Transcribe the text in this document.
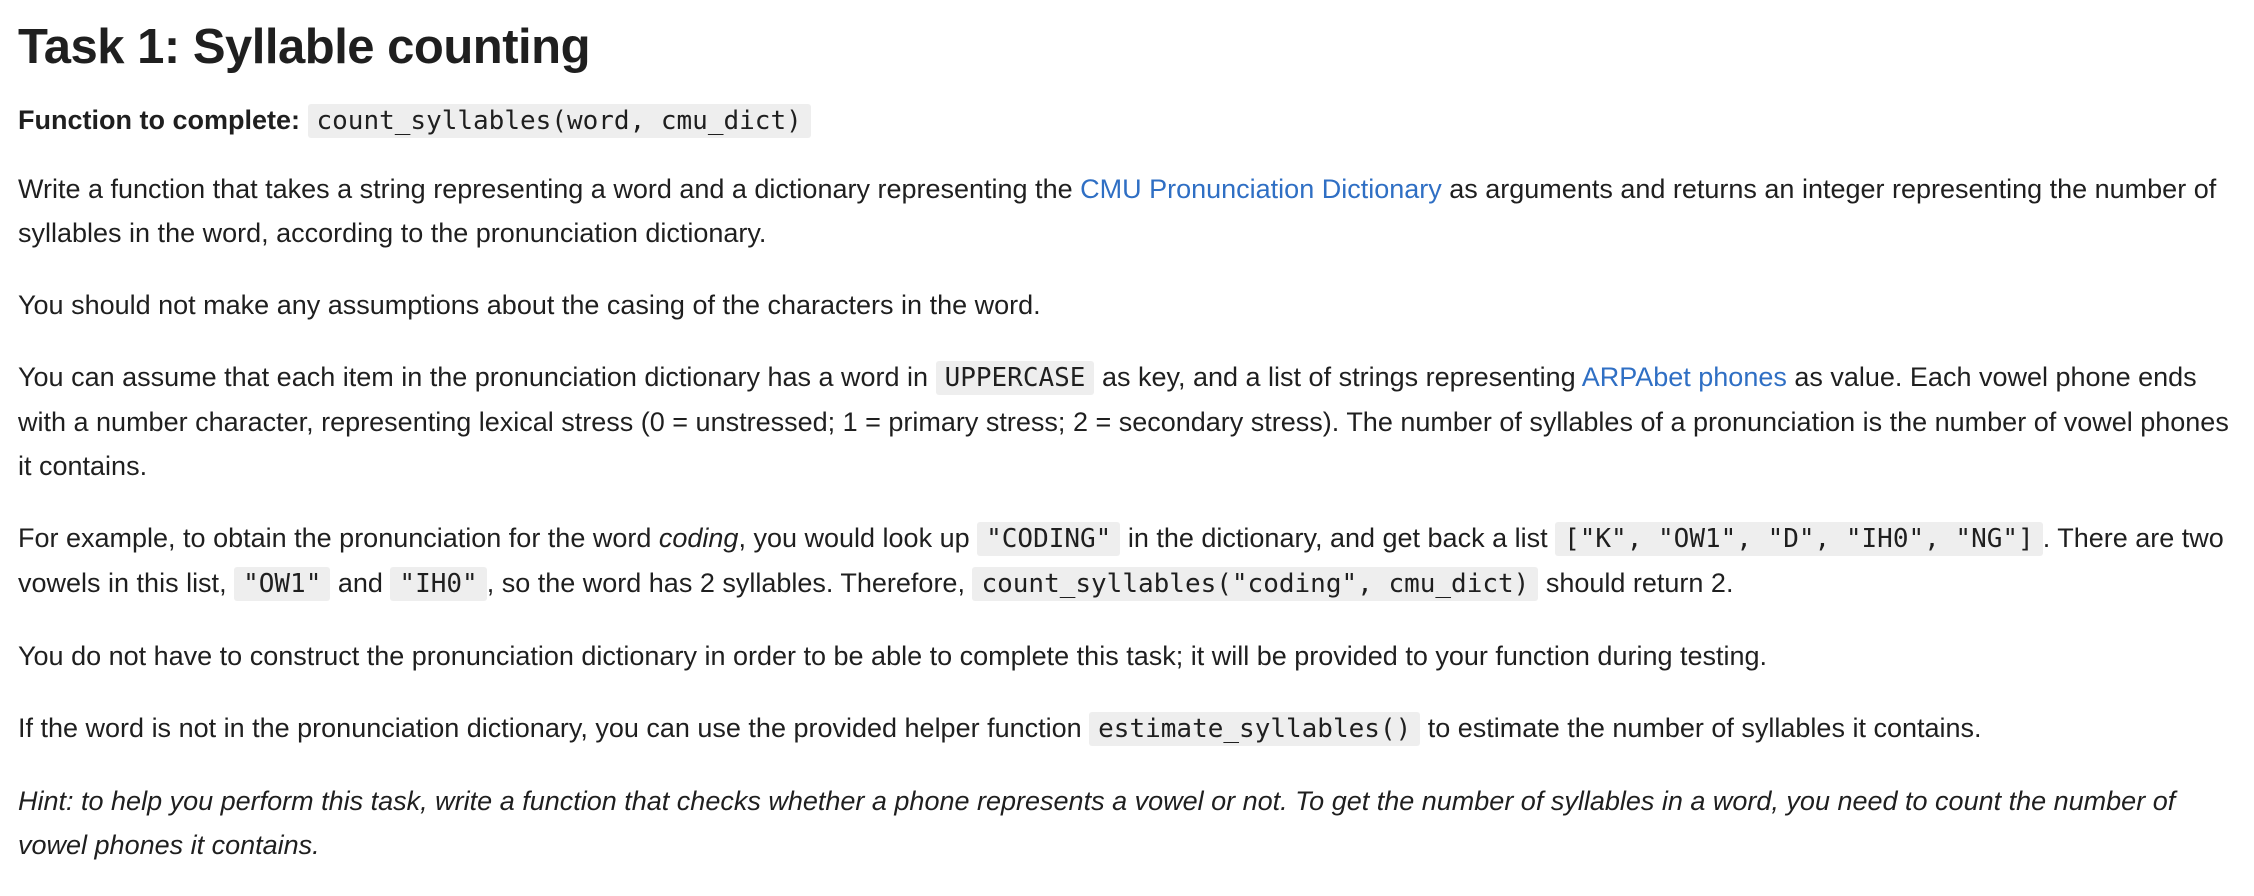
Task 1: Syllable counting

Function to complete: count_syllables(word, cmu_dict)

Write a function that takes a string representing a word and a dictionary representing the CMU Pronunciation Dictionary as arguments and returns an integer representing the number of syllables in the word, according to the pronunciation dictionary.

You should not make any assumptions about the casing of the characters in the word.

You can assume that each item in the pronunciation dictionary has a word in UPPERCASE as key, and a list of strings representing ARPAbet phones as value. Each vowel phone ends with a number character, representing lexical stress (0 = unstressed; 1 = primary stress; 2 = secondary stress). The number of syllables of a pronunciation is the number of vowel phones it contains.

For example, to obtain the pronunciation for the word coding, you would look up "CODING" in the dictionary, and get back a list ["K", "OW1", "D", "IH0", "NG"] . There are two vowels in this list, "OW1" and "IH0" , so the word has 2 syllables. Therefore, count_syllables("coding", cmu_dict) should return 2.

You do not have to construct the pronunciation dictionary in order to be able to complete this task; it will be provided to your function during testing.

If the word is not in the pronunciation dictionary, you can use the provided helper function estimate_syllables() to estimate the number of syllables it contains.

Hint: to help you perform this task, write a function that checks whether a phone represents a vowel or not. To get the number of syllables in a word, you need to count the number of vowel phones it contains.
